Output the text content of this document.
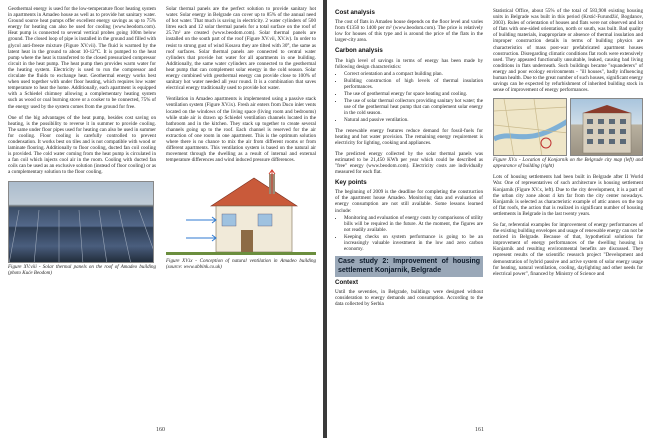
Geothermal energy is used for the low-temperature floor heating system in apartments in Amadeo house as well as to provide hot sanitary water. Ground source heat pumps offer excellent energy savings as up to 75% energy for heating can also be used for cooling (www.beodom.com). Heat pump is connected to several vertical probes going 100m below ground. The closed loop of pipe is installed in the ground and filled with glycol anti-freeze mixture (Figure XV.vii). The fluid is warmed by the latent heat in the ground to about 10-12°C. It is pumped to the heat pump where the heat is transferred to the closed pressurized compressor circuit in the heat pump. The heat pump then provides warm water for the heating system. Electricity is used to run the compressor and circulate the fluids to exchange heat. Geothermal energy works best when used together with under floor heating, which requires low water temperature to heat the home. Additionally, each apartment is equipped with a Schiedel chimney allowing a complementary heating system such as wood or coal burning stove or a cooker to be connected, 75% of the energy used by the system comes from the ground for free.

One of the big advantages of the heat pump, besides cost saving on heating, is the possibility to reverse it in summer to provide cooling. The same under floor pipes used for heating can also be used in summer for cooling. Floor cooling is carefully controlled to prevent condensation. It works best on tiles and is not compatible with wood or laminate flooring. Additionally to floor cooling, ducted fan coil cooling is provided. The cold water coming from the heat pump is circulated in a fan coil which injects cool air in the room. Cooling with ducted fan coils can be used as an exclusive solution (instead of floor cooling) or as a complementary solution to the floor cooling.

Figure XV.viii - Solar thermal panels on the roof of Amadeo building (photo Kuće Beodom)

Solar thermal panels are the perfect solution to provide sanitary hot water. Solar energy in Belgrade can cover up to 85% of the annual need of hot water. That much is saving in electricity. 2 water cylinders of 500 litres each and 12 solar thermal panels for a total surface on the roof of 25.7m² are created (www.beodom.com). Solar thermal panels are installed on the south part of the roof (Figure XV.vii, XV.iv). In order to resist to strong gust of wind Kosava they are tilted with 30°, the same as roof surfaces. Solar thermal panels are connected to central water cylinders that provide hot water for all apartments in one building. Additionally, the same water cylinders are connected to the geothermal heat pump that can complement solar energy in the cold season. Solar energy combined with geothermal energy can provide close to 100% of sanitary hot water needed all year round. It is a combination that saves electrical energy traditionally used to provide hot water.

Ventilation in Amadeo apartments is implemented using a passive stack ventilation system (Figure XV.ix). Fresh air enters from Duco inlet vents located on the windows of the living space (living room and bedrooms) while stale air is drawn up Schiedel ventilation channels located in the bathroom and in the kitchen. They stack up together to create several channels going up to the roof. Each channel is reserved for the air extraction of one room in one apartment. This is the optimum solution where there is no chance to mix the air from different rooms or from different apartments. This ventilation system is based on the natural air movement through the dwelling as a result of internal and external temperature differences and wind induced pressure differences.

Figure XV.ix - Conception of natural ventilation in Amadeo building (source: www.abbink.co.uk)
160
Cost analysis

The cost of flats in Amadeo house depends on the floor level and varies from €1350 to 1400 per m² (www.beodom.com). The price is relatively low for houses of this type and is around the price of the flats in the larger-city area.

Carbon analysis

The high level of savings in terms of energy has been made by following design characteristics:

• Correct orientation and a compact building plan.
• Building construction of high levels of thermal insulation performances.
• The use of geothermal energy for space heating and cooling.
• The use of solar thermal collectors providing sanitary hot water; the use of the geothermal heat pump that can complement solar energy in the cold season.
• Natural and passive ventilation.

The renewable energy features reduce demand for fossil-fuels for heating and hot water provision. The remaining energy requirement is electricity for lighting, cooking and appliances.

The predicted energy collected by the solar thermal panels was estimated to be 21,450 KWh per year which could be described as "free" energy (www.beodom.com). Electricity costs are individually measured for each flat.

Key points

The beginning of 2009 is the deadline for completing the construction of the apartment house Amadeo. Monitoring data and evaluation of energy consumption are not still available. Some lessons learned include:

• Monitoring and evaluation of energy costs by comparisons of utility bills will be required in the future. At the moment, the figures are not readily available.
• Keeping checks on system performance is going to be an increasingly valuable investment in the low and zero carbon economy.
Case study 2: Improvement of housing settlement Konjarnik, Belgrade
Context

Until the seventies, in Belgrade, buildings were designed without consideration to energy demands and consumption. According to the data collected by Serbia

Statistical Office, about 55% of the total of 583,908 existing housing units in Belgrade was built in this period (Krstić-Furundžić, Bogdanov, 2003). Rules of orientation of houses and flats were not observed and lot of flats with one-sided orientation, north or south, was built. Bad quality of building materials, inappropriate or absence of thermal insulation and improper construction details in terms of building physics are characteristics of mass post-war prefabricated apartment houses construction. Disregarding climatic conditions flat roofs were extensively used. They appeared functionally unsuitable, leaked, causing bad living conditions in flats underneath. Such buildings became "squanderers" of energy and poor ecology environments - "ill houses", badly influencing human health. Due to the great number of such houses, significant energy savings can be expected by refurbishment of inherited building stock in sense of improvement of energy performances.

Figure XV.x - Location of Konjarnik on the Belgrade city map (left) and appearance of building (right)

Lots of housing settlements had been built in Belgrade after II World War. One of representatives of such architecture is housing settlement Konjarnik (Figure XV.x, left). Due to the city development, it is a part of the urban city zone about 4 km far from the city center nowadays. Konjarnik is selected as characteristic example of attic annex on the top of flat roofs, the action that is realized in significant number of housing settlements in Belgrade in the last twenty years.

So far, referential examples for improvement of energy performances of the existing building envelopes and usage of renewable energy can not be noticed in Belgrade. Because of that, hypothetical solutions for improvement of energy performances of the dwelling housing in Konjarnik and resulting environmental benefits are discussed. They represent results of the scientific research project "Development and demonstration of hybrid passive and active system of solar energy usage for heating, natural ventilation, cooling, daylighting and other needs for electrical power", financed by Ministry of Science and

161
